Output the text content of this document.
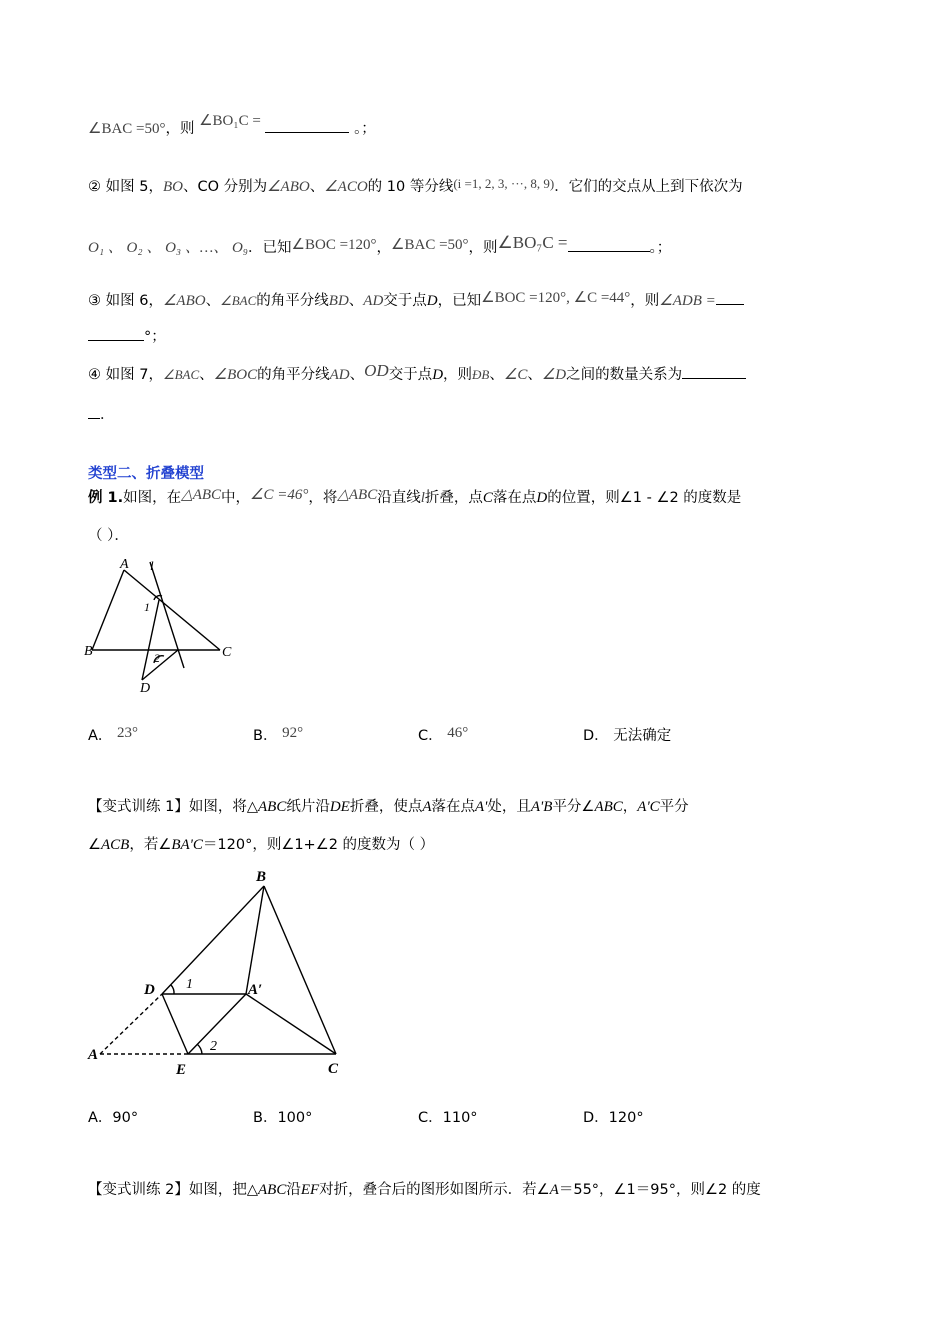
∠BAC =50°，则 ∠BO₁C =	。；
② 如图 5，BO、CO 分别为∠ABO、∠ACO的 10 等分线(i =1, 2, 3, ···, 8, 9)．它们的交点从上到下依次为
O₁ 、 O₂ 、 O₃ 、…、 O₉．已知∠BOC =120°，∠BAC =50°，则∠BO₇C =	。；
③ 如图 6，∠ABO、∠BAC的角平分线BD、AD交于点D，已知∠BOC =120°, ∠C =44°，则∠ADB =
°；
④ 如图 7，∠BAC、∠BOC的角平分线AD、OD交于点D，则ÐB、∠C、∠D之间的数量关系为
．
类型二、折叠模型
例 1.如图，在△ABC中，∠C =46°，将△ABC沿直线l折叠，点C落在点D的位置，则∠1 - ∠2 的度数是
（ ）．
A l
1
B	C
2
D
A． 23°	B． 92°	C． 46°	D． 无法确定
【变式训练 1】如图，将△ABC纸片沿DE折叠，使点A落在点A'处，且A'B平分∠ABC，A'C平分
∠ACB，若∠BA'C＝120°，则∠1+∠2 的度数为（ ）
B
D 1	A′
2
A
E	C
A．90°	B．100°	C．110°	D．120°
【变式训练 2】如图，把△ABC沿EF对折，叠合后的图形如图所示．若∠A＝55°，∠1＝95°，则∠2 的度
